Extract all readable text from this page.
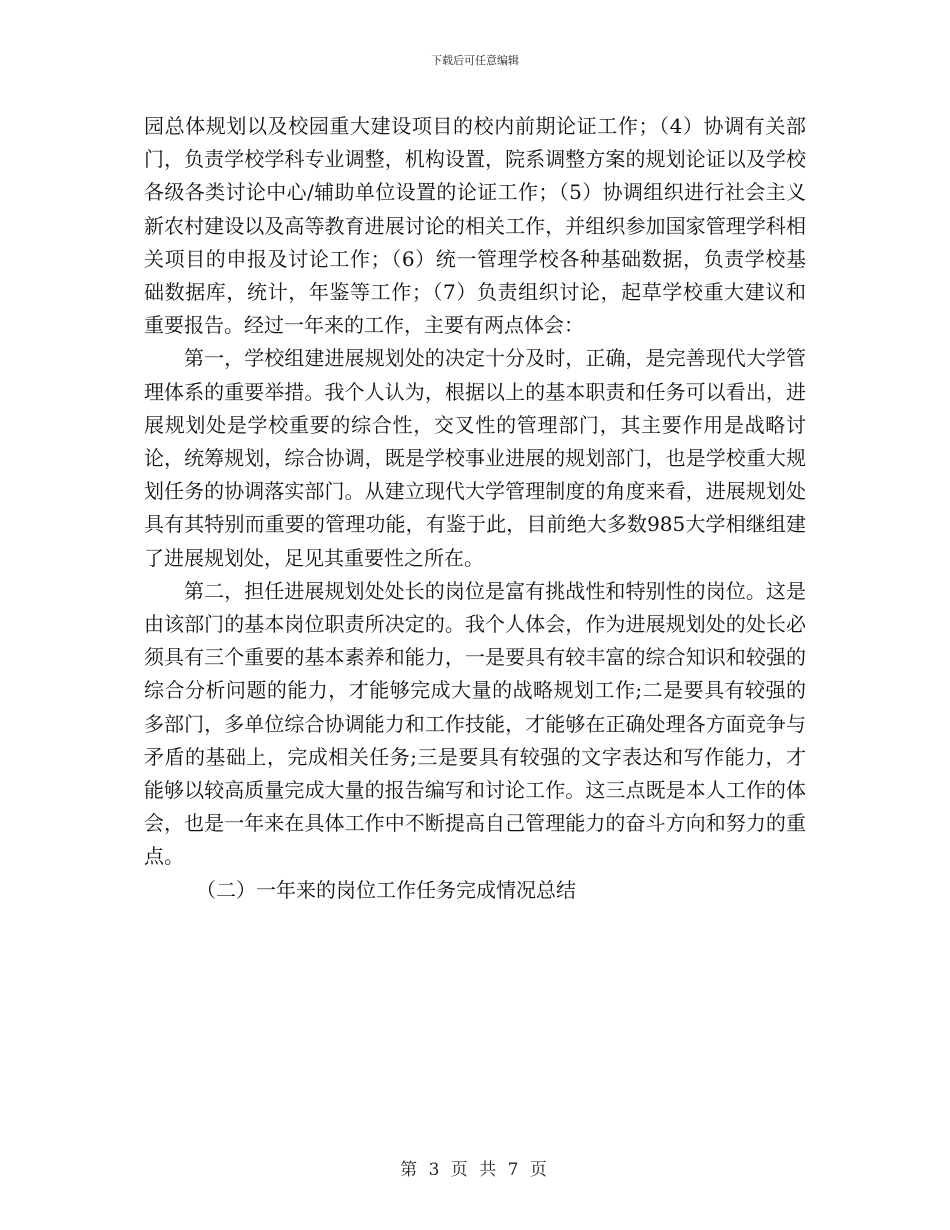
下载后可任意编辑

园总体规划以及校园重大建设项目的校内前期论证工作；（4）协调有关部门，负责学校学科专业调整，机构设置，院系调整方案的规划论证以及学校各级各类讨论中心/辅助单位设置的论证工作；（5）协调组织进行社会主义新农村建设以及高等教育进展讨论的相关工作，并组织参加国家管理学科相关项目的申报及讨论工作；（6）统一管理学校各种基础数据，负责学校基础数据库，统计，年鉴等工作；（7）负责组织讨论，起草学校重大建议和重要报告。经过一年来的工作，主要有两点体会：

第一，学校组建进展规划处的决定十分及时，正确，是完善现代大学管理体系的重要举措。我个人认为，根据以上的基本职责和任务可以看出，进展规划处是学校重要的综合性，交叉性的管理部门，其主要作用是战略讨论，统筹规划，综合协调，既是学校事业进展的规划部门，也是学校重大规划任务的协调落实部门。从建立现代大学管理制度的角度来看，进展规划处具有其特别而重要的管理功能，有鉴于此，目前绝大多数985大学相继组建了进展规划处，足见其重要性之所在。

第二，担任进展规划处处长的岗位是富有挑战性和特别性的岗位。这是由该部门的基本岗位职责所决定的。我个人体会，作为进展规划处的处长必须具有三个重要的基本素养和能力，一是要具有较丰富的综合知识和较强的综合分析问题的能力，才能够完成大量的战略规划工作;二是要具有较强的多部门，多单位综合协调能力和工作技能，才能够在正确处理各方面竞争与矛盾的基础上，完成相关任务;三是要具有较强的文字表达和写作能力，才能够以较高质量完成大量的报告编写和讨论工作。这三点既是本人工作的体会，也是一年来在具体工作中不断提高自己管理能力的奋斗方向和努力的重点。

（二）一年来的岗位工作任务完成情况总结

第 3 页 共 7 页
